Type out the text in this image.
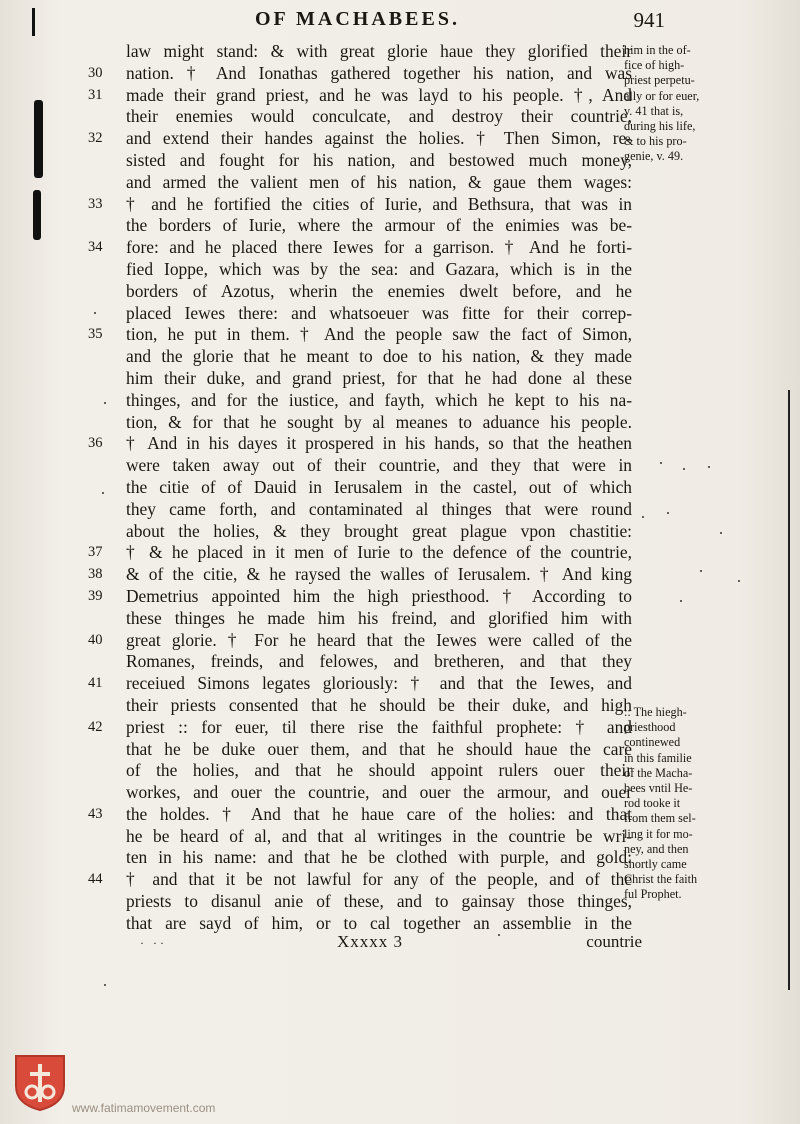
OF MACHABEES.	941
law might stand: & with great glorie haue they glorified their
30	nation. † And Ionathas gathered together his nation, and was
31	made their grand priest, and he was layd to his people. †, And
their enemies would conculcate, and destroy their countrie,
32	and extend their handes against the holies. † Then Simon, re-
sisted and fought for his nation, and bestowed much money,
and armed the valient men of his nation, & gaue them wages:
33	† and he fortified the cities of Iurie, and Bethsura, that was in
the borders of Iurie, where the armour of the enimies was be-
34	fore: and he placed there Iewes for a garrison. † And he forti-
fied Ioppe, which was by the sea: and Gazara, which is in the
borders of Azotus, wherin the enemies dwelt before, and he
placed Iewes there: and whatsoeuer was fitte for their correp-
35	tion, he put in them. † And the people saw the fact of Simon,
and the glorie that he meant to doe to his nation, & they made
him their duke, and grand priest, for that he had done al these
thinges, and for the iustice, and fayth, which he kept to his na-
tion, & for that he sought by al meanes to aduance his people.
36	† And in his dayes it prospered in his hands, so that the heathen
were taken away out of their countrie, and they that were in
the citie of of Dauid in Ierusalem in the castel, out of which
they came forth, and contaminated al thinges that were round
about the holies, & they brought great plague vpon chastitie:
37	† & he placed in it men of Iurie to the defence of the countrie,
38	& of the citie, & he raysed the walles of Ierusalem. † And king
39	Demetrius appointed him the high priesthood. † According to
these thinges he made him his freind, and glorified him with
40	great glorie. † For he heard that the Iewes were called of the
Romanes, freinds, and felowes, and bretheren, and that they
41	receiued Simons legates gloriously: † and that the Iewes, and
their priests consented that he should be their duke, and high
42	priest :: for euer, til there rise the faithful prophete: † and
that he be duke ouer them, and that he should haue the care
of the holies, and that he should appoint rulers ouer their
workes, and ouer the countrie, and ouer the armour, and ouer
43	the holdes. † And that he haue care of the holies: and that
he be heard of al, and that al writinges in the countrie be wri-
ten in his name: and that he be clothed with purple, and gold:
44	† and that it be not lawful for any of the people, and of the
priests to disanul anie of these, and to gainsay those thinges,
that are sayd of him, or to cal together an assemblie in the
him in the of-
fice of high-
priest perpetu-
ally or for euer,
v. 41 that is,
during his life,
& to his pro-
genie, v. 49.
:: The hiegh-
priesthood
continewed
in this familie
of the Macha-
bees vntil He-
rod tooke it
from them sel-
ling it for mo-
ney, and then
shortly came
Christ the faith
ful Prophet.
· ··	Xxxxx 3	countrie
www.fatimamovement.com
